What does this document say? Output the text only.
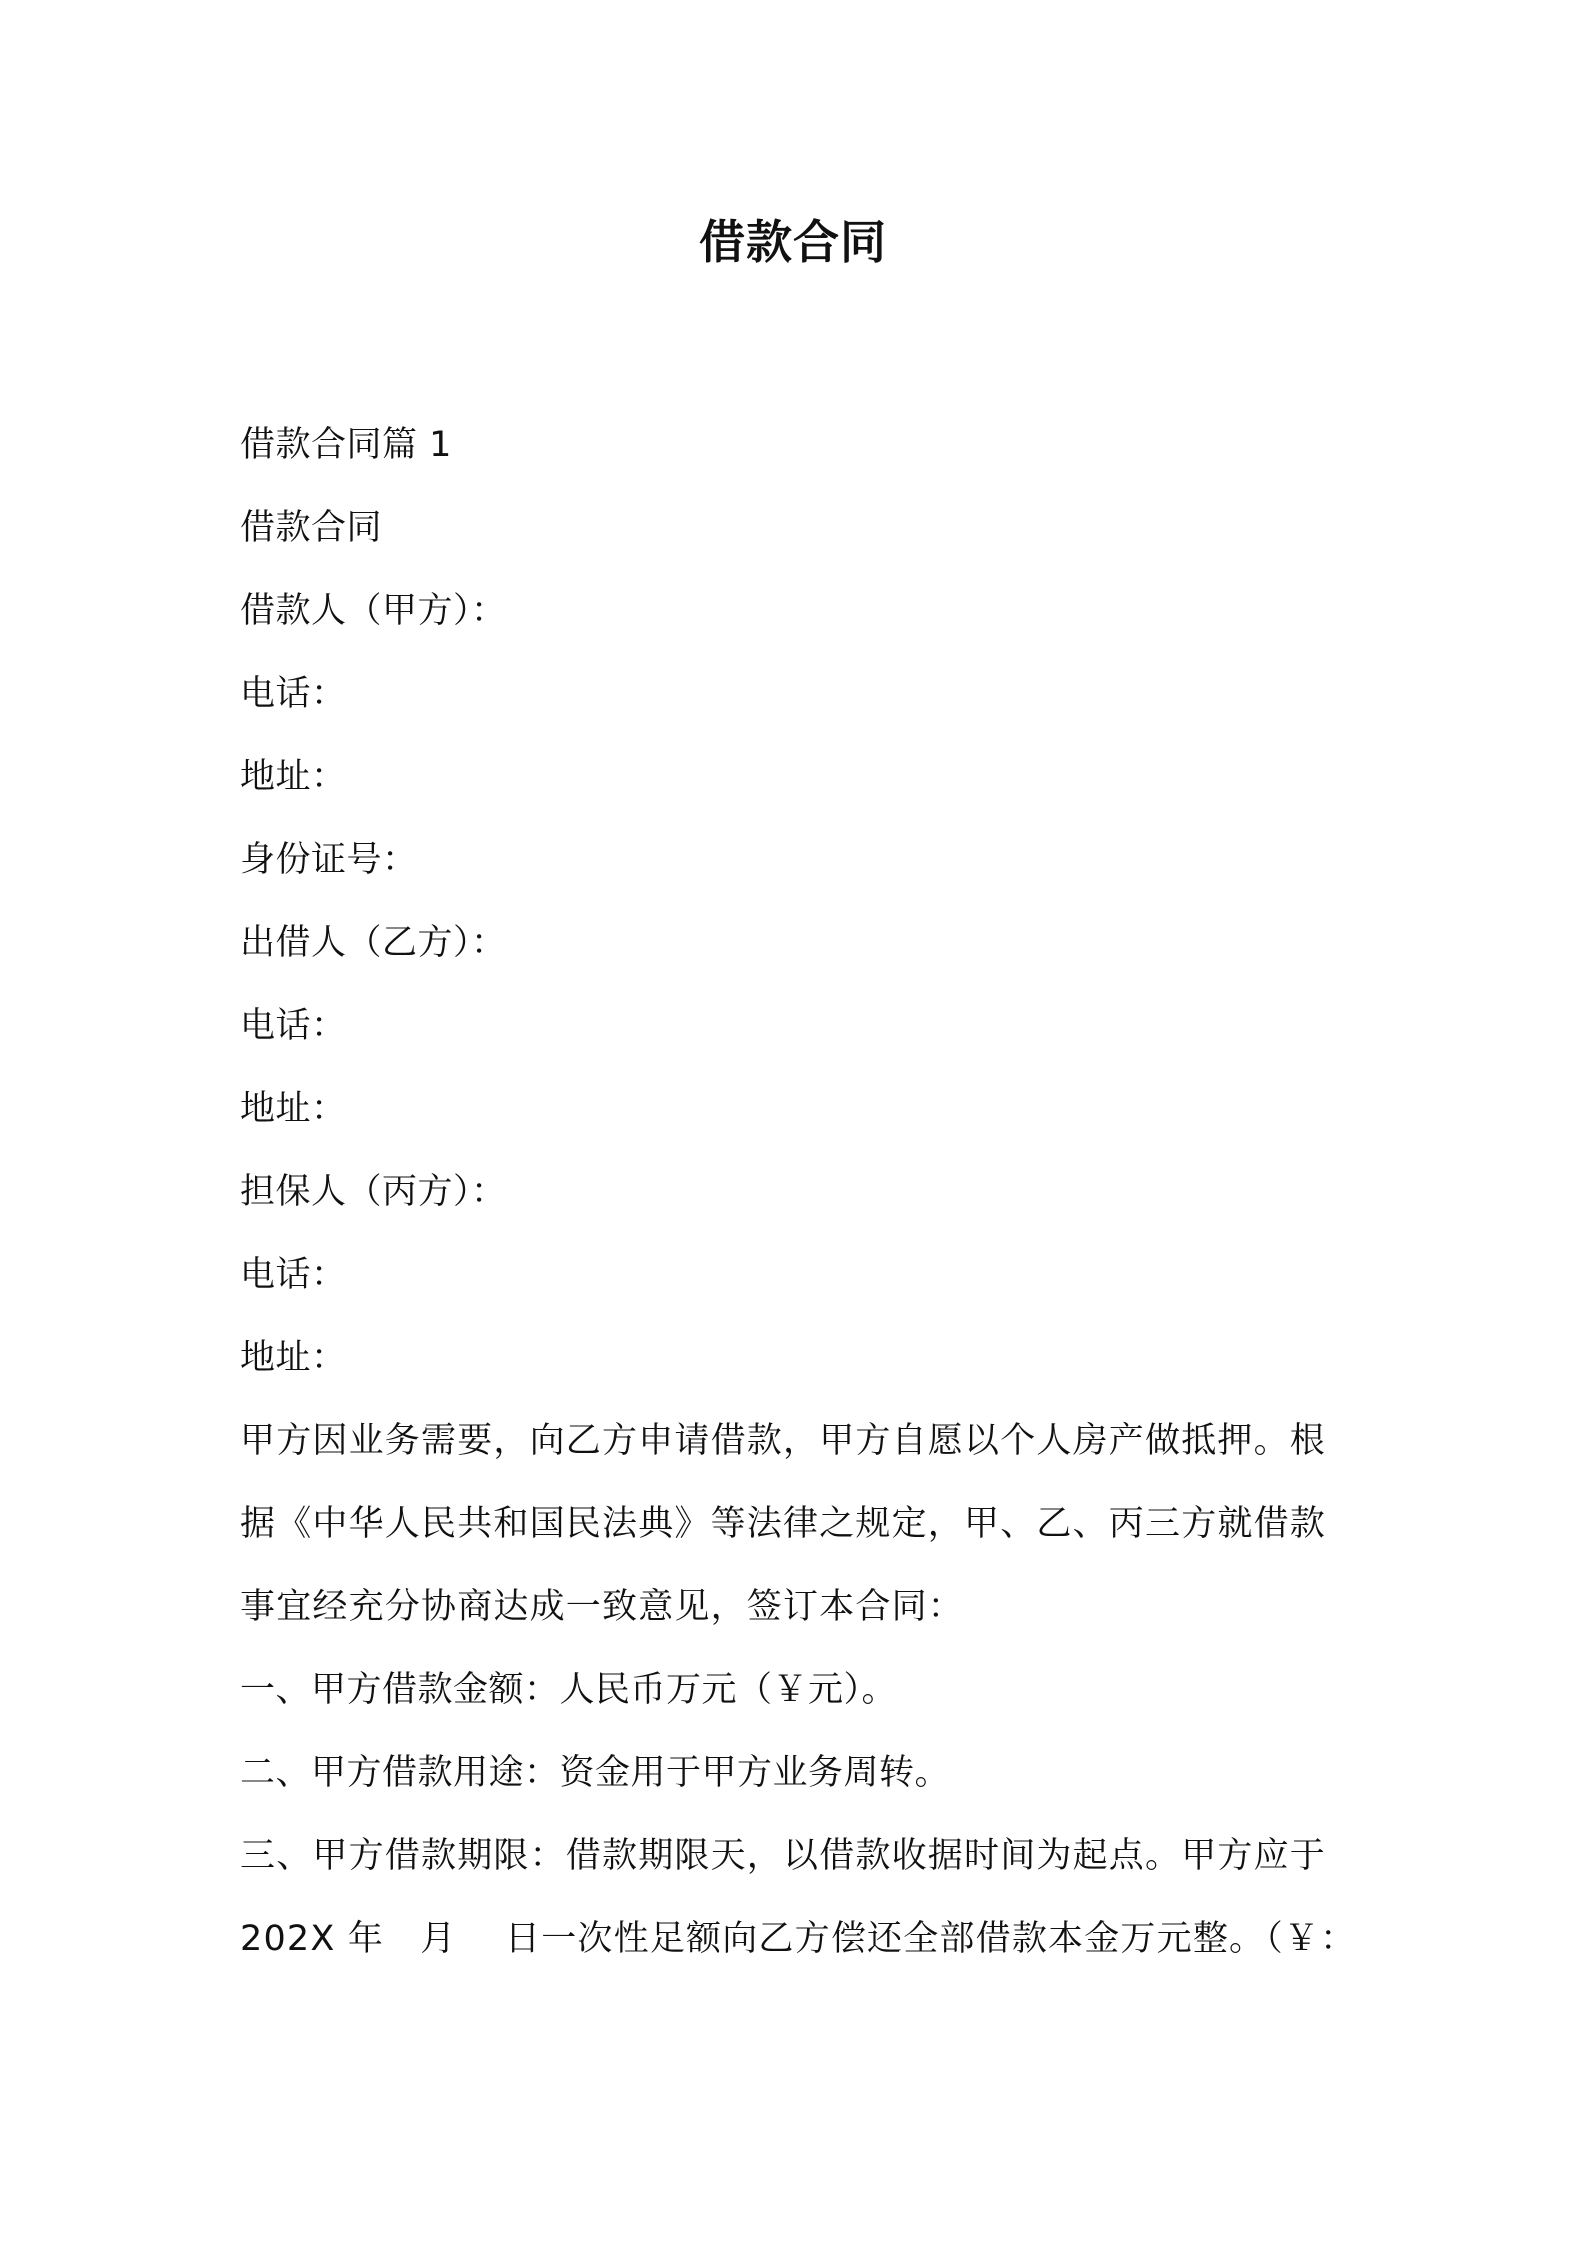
借款合同
借款合同篇 1
借款合同
借款人（甲方）：
电话：
地址：
身份证号：
出借人（乙方）：
电话：
地址：
担保人（丙方）：
电话：
地址：
甲方因业务需要，向乙方申请借款，甲方自愿以个人房产做抵押。根
据《中华人民共和国民法典》等法律之规定，甲、乙、丙三方就借款
事宜经充分协商达成一致意见，签订本合同：
一、甲方借款金额：人民币万元（￥元）。
二、甲方借款用途：资金用于甲方业务周转。
三、甲方借款期限：借款期限天，以借款收据时间为起点。甲方应于
202X 年　月　 日一次性足额向乙方偿还全部借款本金万元整。（￥：
